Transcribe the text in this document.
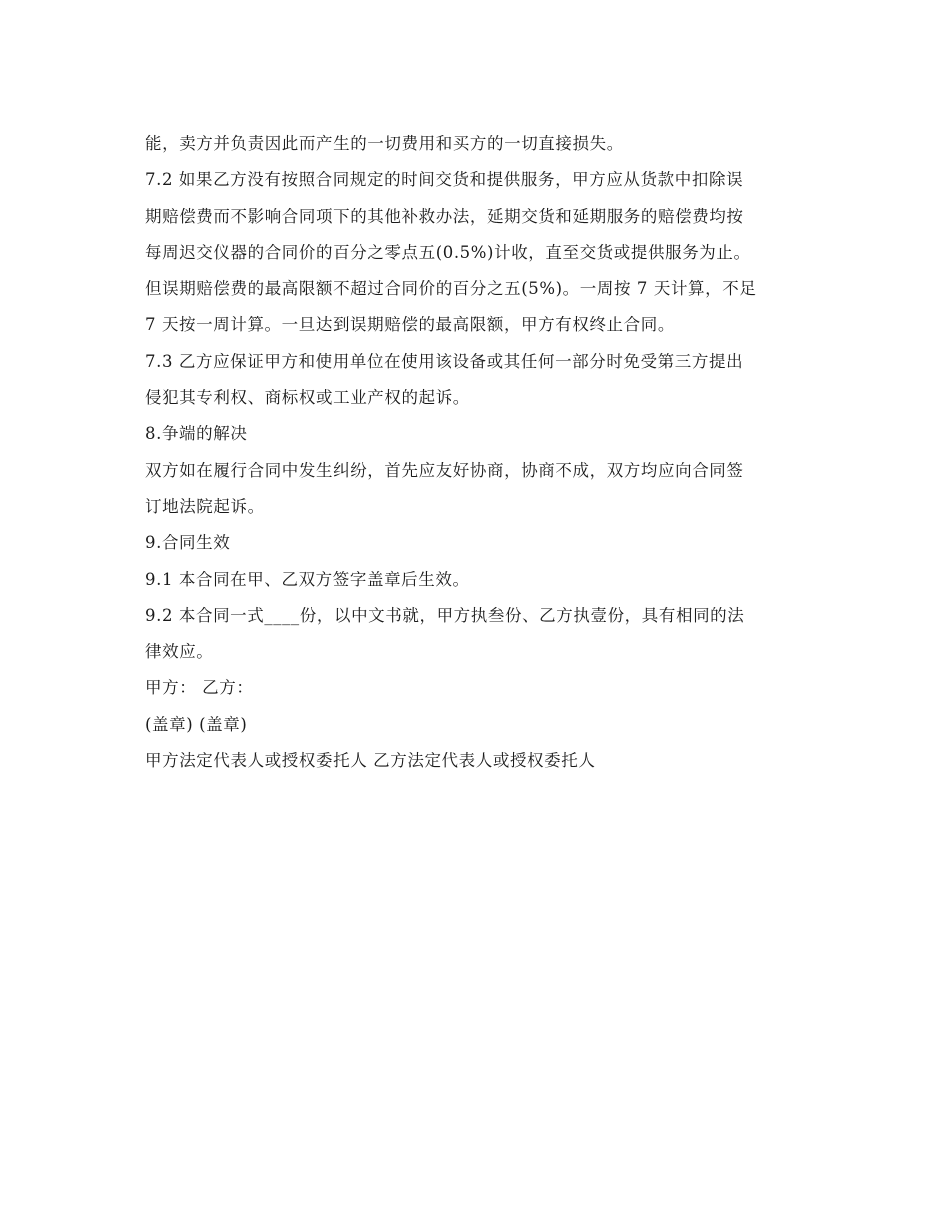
能，卖方并负责因此而产生的一切费用和买方的一切直接损失。
7.2 如果乙方没有按照合同规定的时间交货和提供服务，甲方应从货款中扣除误
期赔偿费而不影响合同项下的其他补救办法，延期交货和延期服务的赔偿费均按
每周迟交仪器的合同价的百分之零点五(0.5%)计收，直至交货或提供服务为止。
但误期赔偿费的最高限额不超过合同价的百分之五(5%)。一周按 7 天计算，不足
7 天按一周计算。一旦达到误期赔偿的最高限额，甲方有权终止合同。
7.3 乙方应保证甲方和使用单位在使用该设备或其任何一部分时免受第三方提出
侵犯其专利权、商标权或工业产权的起诉。
8.争端的解决
双方如在履行合同中发生纠纷，首先应友好协商，协商不成，双方均应向合同签
订地法院起诉。
9.合同生效
9.1 本合同在甲、乙双方签字盖章后生效。
9.2 本合同一式____份，以中文书就，甲方执叁份、乙方执壹份，具有相同的法
律效应。
甲方： 乙方：
(盖章) (盖章)
甲方法定代表人或授权委托人 乙方法定代表人或授权委托人
